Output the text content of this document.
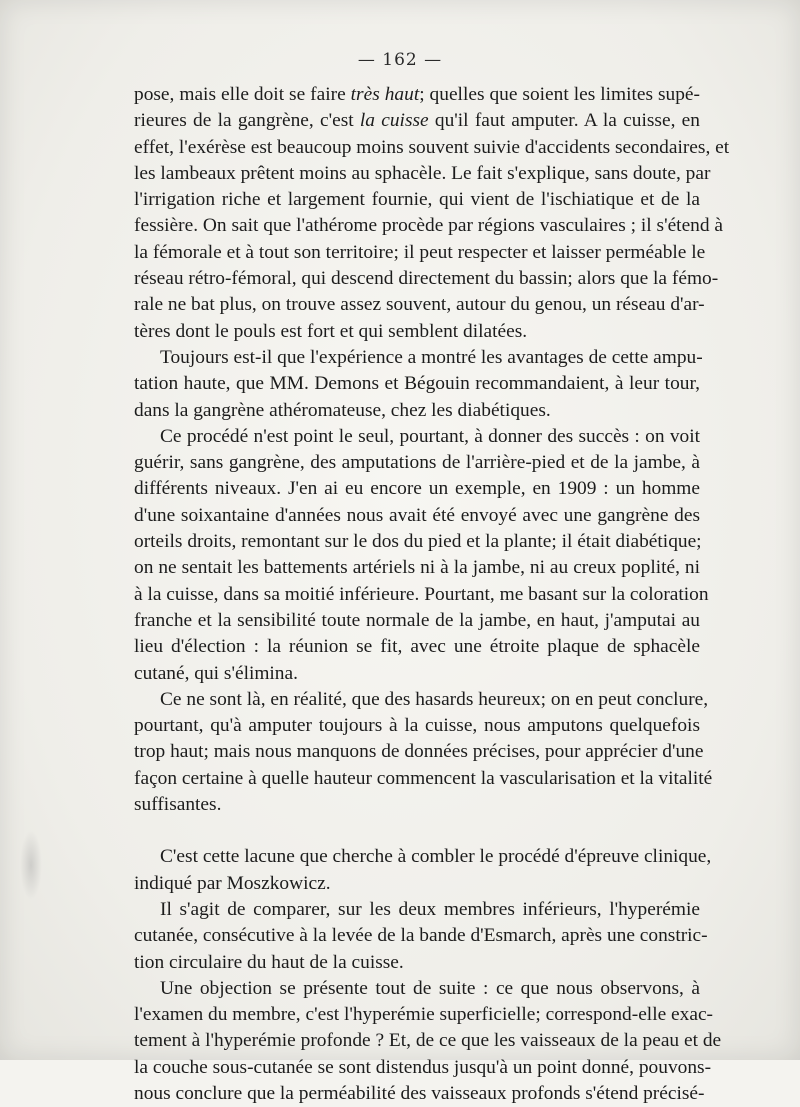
— 162 —
pose, mais elle doit se faire très haut; quelles que soient les limites supé-
rieures de la gangrène, c'est la cuisse qu'il faut amputer. A la cuisse, en
effet, l'exérèse est beaucoup moins souvent suivie d'accidents secondaires, et
les lambeaux prêtent moins au sphacèle. Le fait s'explique, sans doute, par
l'irrigation riche et largement fournie, qui vient de l'ischiatique et de la
fessière. On sait que l'athérome procède par régions vasculaires ; il s'étend à
la fémorale et à tout son territoire; il peut respecter et laisser perméable le
réseau rétro-fémoral, qui descend directement du bassin; alors que la fémo-
rale ne bat plus, on trouve assez souvent, autour du genou, un réseau d'ar-
tères dont le pouls est fort et qui semblent dilatées.
Toujours est-il que l'expérience a montré les avantages de cette ampu-
tation haute, que MM. Demons et Bégouin recommandaient, à leur tour,
dans la gangrène athéromateuse, chez les diabétiques.
Ce procédé n'est point le seul, pourtant, à donner des succès : on voit
guérir, sans gangrène, des amputations de l'arrière-pied et de la jambe, à
différents niveaux. J'en ai eu encore un exemple, en 1909 : un homme
d'une soixantaine d'années nous avait été envoyé avec une gangrène des
orteils droits, remontant sur le dos du pied et la plante; il était diabétique;
on ne sentait les battements artériels ni à la jambe, ni au creux poplité, ni
à la cuisse, dans sa moitié inférieure. Pourtant, me basant sur la coloration
franche et la sensibilité toute normale de la jambe, en haut, j'amputai au
lieu d'élection : la réunion se fit, avec une étroite plaque de sphacèle
cutané, qui s'élimina.
Ce ne sont là, en réalité, que des hasards heureux; on en peut conclure,
pourtant, qu'à amputer toujours à la cuisse, nous amputons quelquefois
trop haut; mais nous manquons de données précises, pour apprécier d'une
façon certaine à quelle hauteur commencent la vascularisation et la vitalité
suffisantes.
C'est cette lacune que cherche à combler le procédé d'épreuve clinique,
indiqué par Moszkowicz.
Il s'agit de comparer, sur les deux membres inférieurs, l'hyperémie
cutanée, consécutive à la levée de la bande d'Esmarch, après une constric-
tion circulaire du haut de la cuisse.
Une objection se présente tout de suite : ce que nous observons, à
l'examen du membre, c'est l'hyperémie superficielle; correspond-elle exac-
tement à l'hyperémie profonde ? Et, de ce que les vaisseaux de la peau et de
la couche sous-cutanée se sont distendus jusqu'à un point donné, pouvons-
nous conclure que la perméabilité des vaisseaux profonds s'étend précisé-
